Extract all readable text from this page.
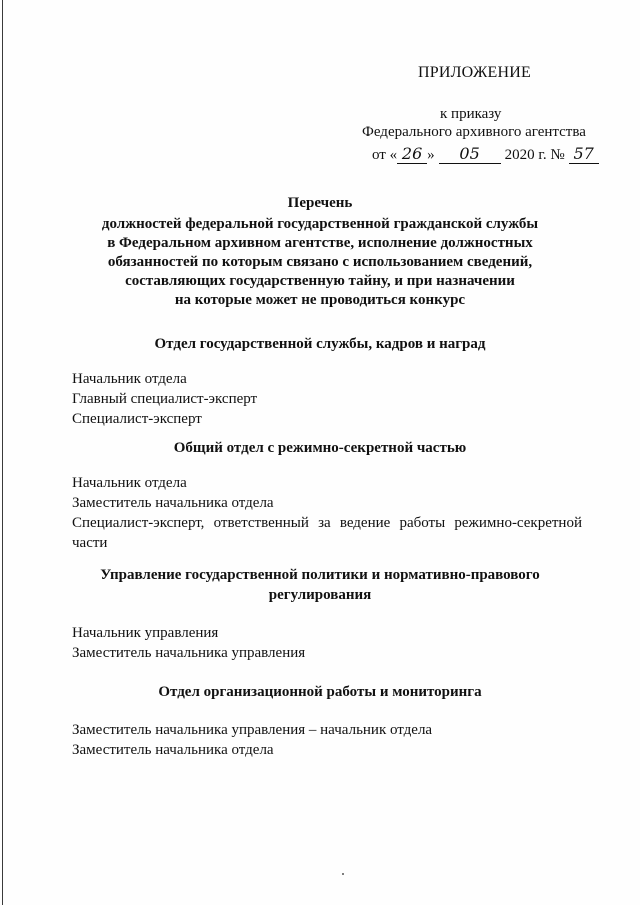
ПРИЛОЖЕНИЕ
к приказу
Федерального архивного агентства
от « 26 »	05	2020 г. № 57
Перечень
должностей федеральной государственной гражданской службы
в Федеральном архивном агентстве, исполнение должностных
обязанностей по которым связано с использованием сведений,
составляющих государственную тайну, и при назначении
на которые может не проводиться конкурс
Отдел государственной службы, кадров и наград
Начальник отдела
Главный специалист-эксперт
Специалист-эксперт
Общий отдел с режимно-секретной частью
Начальник отдела
Заместитель начальника отдела
Специалист-эксперт, ответственный за ведение работы режимно-секретной части
Управление государственной политики и нормативно-правового
регулирования
Начальник управления
Заместитель начальника управления
Отдел организационной работы и мониторинга
Заместитель начальника управления – начальник отдела
Заместитель начальника отдела
